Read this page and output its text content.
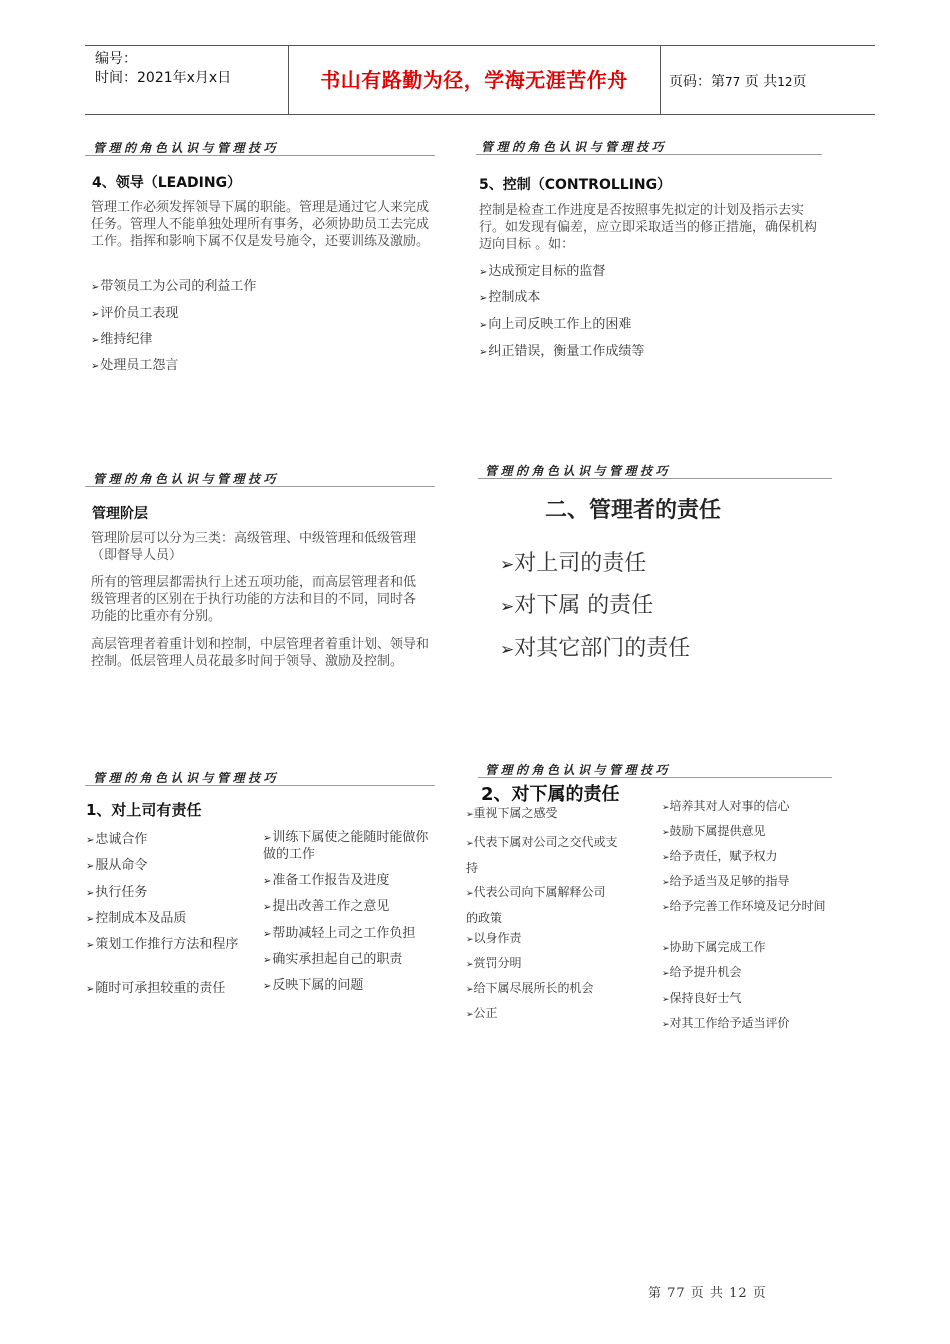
编号：
时间：2021年x月x日	书山有路勤为径，学海无涯苦作舟	页码：第77 页 共12页
管理的角色认识与管理技巧
4、领导（LEADING）
管理工作必须发挥领导下属的职能。管理是通过它人来完成任务。管理人不能单独处理所有事务，必须协助员工去完成工作。指挥和影响下属不仅是发号施令，还要训练及激励。
➢带领员工为公司的利益工作
➢评价员工表现
➢维持纪律
➢处理员工怨言
管理的角色认识与管理技巧
5、控制（CONTROLLING）
控制是检查工作进度是否按照事先拟定的计划及指示去实行。如发现有偏差，应立即采取适当的修正措施，确保机构迈向目标 。如：
➢达成预定目标的监督
➢控制成本
➢向上司反映工作上的困难
➢纠正错误，衡量工作成绩等
管理的角色认识与管理技巧
管理阶层
管理阶层可以分为三类：高级管理、中级管理和低级管理（即督导人员）
所有的管理层都需执行上述五项功能，而高层管理者和低级管理者的区别在于执行功能的方法和目的不同，同时各功能的比重亦有分别。
高层管理者着重计划和控制，中层管理者着重计划、领导和控制。低层管理人员花最多时间于领导、激励及控制。
管理的角色认识与管理技巧
二、管理者的责任
➢对上司的责任
➢对下属 的责任
➢对其它部门的责任
管理的角色认识与管理技巧
1、对上司有责任
➢忠诚合作
➢服从命令
➢执行任务
➢控制成本及品质
➢策划工作推行方法和程序
➢随时可承担较重的责任
➢训练下属使之能随时能做你做的工作
➢准备工作报告及进度
➢提出改善工作之意见
➢帮助减轻上司之工作负担
➢确实承担起自己的职责
➢反映下属的问题
管理的角色认识与管理技巧
2、对下属的责任
➢重视下属之感受
➢代表下属对公司之交代或支持
➢代表公司向下属解释公司的政策
➢以身作责
➢赏罚分明
➢给下属尽展所长的机会
➢公正
➢培养其对人对事的信心
➢鼓励下属提供意见
➢给予责任，赋予权力
➢给予适当及足够的指导
➢给予完善工作环境及记分时间
➢协助下属完成工作
➢给予提升机会
➢保持良好士气
➢对其工作给予适当评价
第 77 页 共 12 页
